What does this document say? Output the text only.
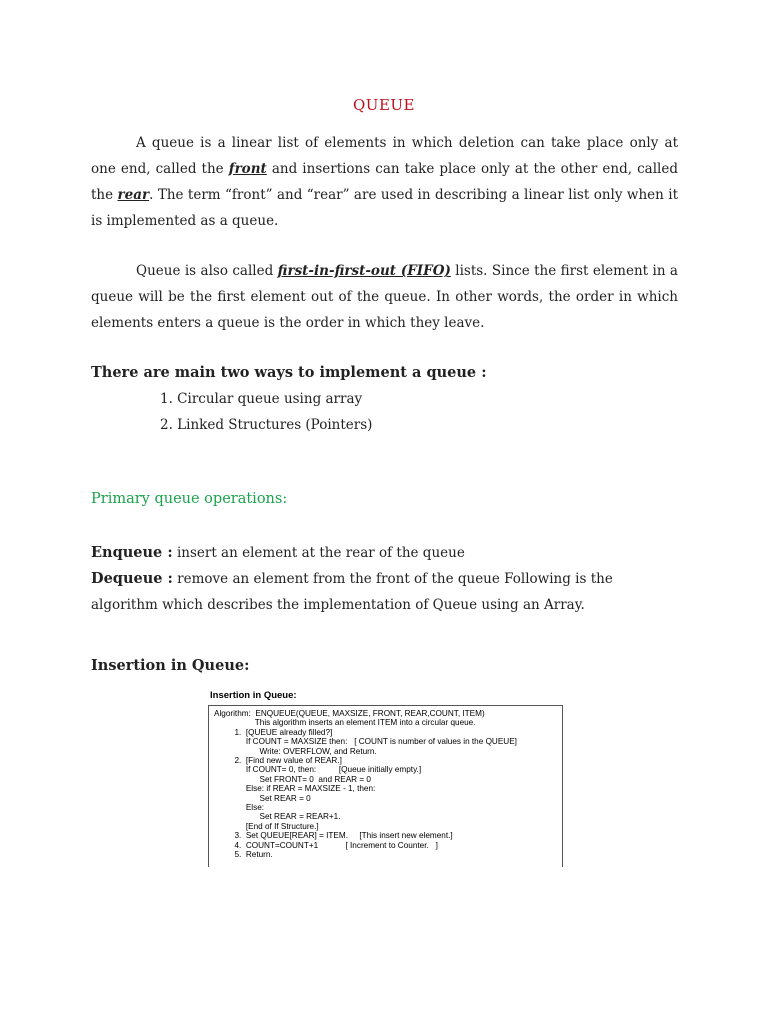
QUEUE

A queue is a linear list of elements in which deletion can take place only at one end, called the front and insertions can take place only at the other end, called the rear. The term “front” and “rear” are used in describing a linear list only when it is implemented as a queue.

Queue is also called first-in-first-out (FIFO) lists. Since the first element in a queue will be the first element out of the queue. In other words, the order in which elements enters a queue is the order in which they leave.

There are main two ways to implement a queue :

1. Circular queue using array
2. Linked Structures (Pointers)

Primary queue operations:

Enqueue : insert an element at the rear of the queue

Dequeue : remove an element from the front of the queue Following is the algorithm which describes the implementation of Queue using an Array.

Insertion in Queue:

Insertion in Queue:
Algorithm:  ENQUEUE(QUEUE, MAXSIZE, FRONT, REAR,COUNT, ITEM)
This algorithm inserts an element ITEM into a circular queue.
1.  [QUEUE already filled?]
If COUNT = MAXSIZE then:   [ COUNT is number of values in the QUEUE]
Write: OVERFLOW, and Return.
2.  [Find new value of REAR.]
If COUNT= 0, then:          [Queue initially empty.]
Set FRONT= 0  and REAR = 0
Else: if REAR = MAXSIZE - 1, then:
Set REAR = 0
Else:
Set REAR = REAR+1.
[End of If Structure.]
3.  Set QUEUE[REAR] = ITEM.     [This insert new element.]
4.  COUNT=COUNT+1            [ Increment to Counter.   ]
5.  Return.
